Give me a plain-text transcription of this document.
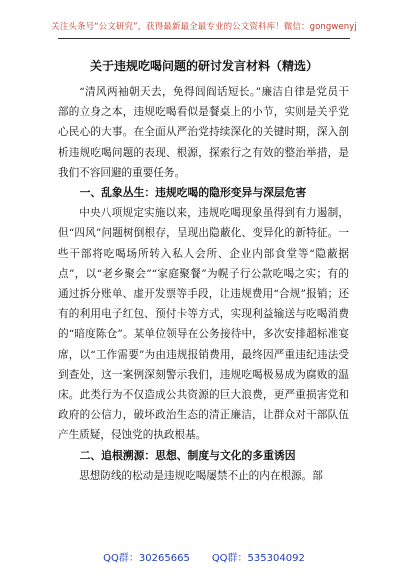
关注头条号“公文研究”，获得最新最全最专业的公文资料库！微信：gongwenyj
关于违规吃喝问题的研讨发言材料（精选）

“清风两袖朝天去，免得闾阎话短长。”廉洁自律是党员干部的立身之本，违规吃喝看似是餐桌上的小节，实则是关乎党心民心的大事。在全面从严治党持续深化的关键时期，深入剖析违规吃喝问题的表现、根源，探索行之有效的整治举措，是我们不容回避的重要任务。

一、乱象丛生：违规吃喝的隐形变异与深层危害

中央八项规定实施以来，违规吃喝现象虽得到有力遏制，但“四风”问题树倒根存，呈现出隐蔽化、变异化的新特征。一些干部将吃喝场所转入私人会所、企业内部食堂等“隐蔽据点”，以“老乡聚会”“家庭聚餐”为幌子行公款吃喝之实；有的通过拆分账单、虚开发票等手段，让违规费用“合规”报销；还有的利用电子红包、预付卡等方式，实现利益输送与吃喝消费的“暗度陈仓”。某单位领导在公务接待中，多次安排超标准宴席，以“工作需要”为由违规报销费用，最终因严重违纪违法受到查处，这一案例深刻警示我们，违规吃喝极易成为腐败的温床。此类行为不仅造成公共资源的巨大浪费，更严重损害党和政府的公信力，破坏政治生态的清正廉洁，让群众对干部队伍产生质疑，侵蚀党的执政根基。

二、追根溯源：思想、制度与文化的多重诱因

思想防线的松动是违规吃喝屡禁不止的内在根源。部

QQ群：30265665 QQ群：535304092
